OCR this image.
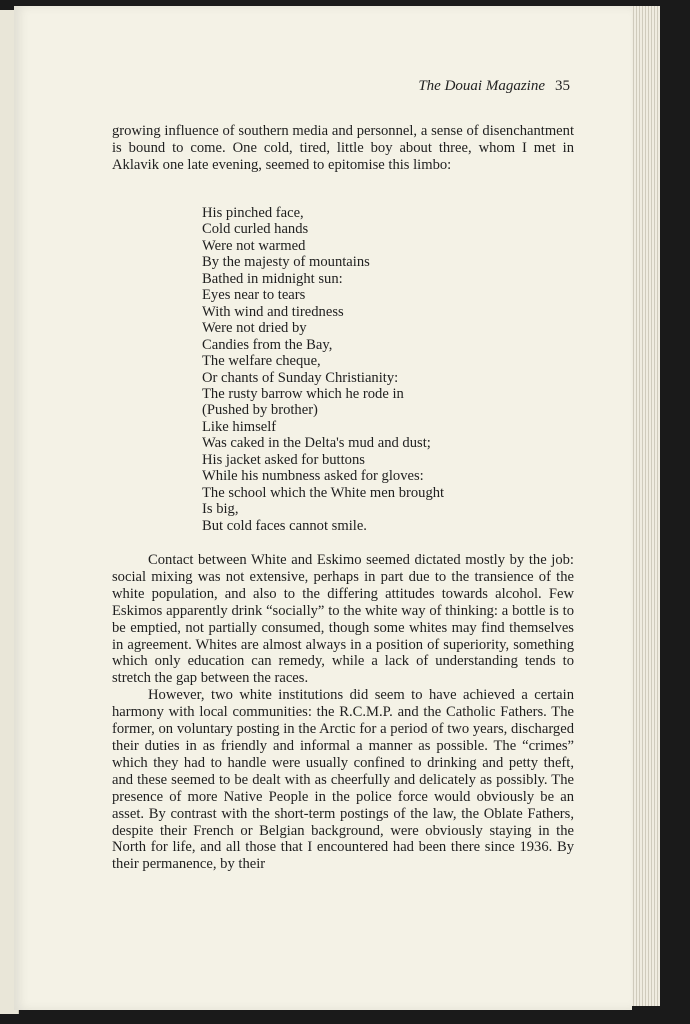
The Douai Magazine 35

growing influence of southern media and personnel, a sense of disenchantment is bound to come. One cold, tired, little boy about three, whom I met in Aklavik one late evening, seemed to epitomise this limbo:

His pinched face,
Cold curled hands
Were not warmed
By the majesty of mountains
Bathed in midnight sun:
Eyes near to tears
With wind and tiredness
Were not dried by
Candies from the Bay,
The welfare cheque,
Or chants of Sunday Christianity:
The rusty barrow which he rode in
(Pushed by brother)
Like himself
Was caked in the Delta's mud and dust;
His jacket asked for buttons
While his numbness asked for gloves:
The school which the White men brought
Is big,
But cold faces cannot smile.

Contact between White and Eskimo seemed dictated mostly by the job: social mixing was not extensive, perhaps in part due to the transience of the white population, and also to the differing attitudes towards alcohol. Few Eskimos apparently drink “socially” to the white way of thinking: a bottle is to be emptied, not partially consumed, though some whites may find themselves in agreement. Whites are almost always in a position of superiority, something which only education can remedy, while a lack of understanding tends to stretch the gap between the races.

However, two white institutions did seem to have achieved a certain harmony with local communities: the R.C.M.P. and the Catholic Fathers. The former, on voluntary posting in the Arctic for a period of two years, discharged their duties in as friendly and informal a manner as possible. The “crimes” which they had to handle were usually confined to drinking and petty theft, and these seemed to be dealt with as cheerfully and delicately as possibly. The presence of more Native People in the police force would obviously be an asset. By contrast with the short-term postings of the law, the Oblate Fathers, despite their French or Belgian background, were obviously staying in the North for life, and all those that I encountered had been there since 1936. By their permanence, by their
